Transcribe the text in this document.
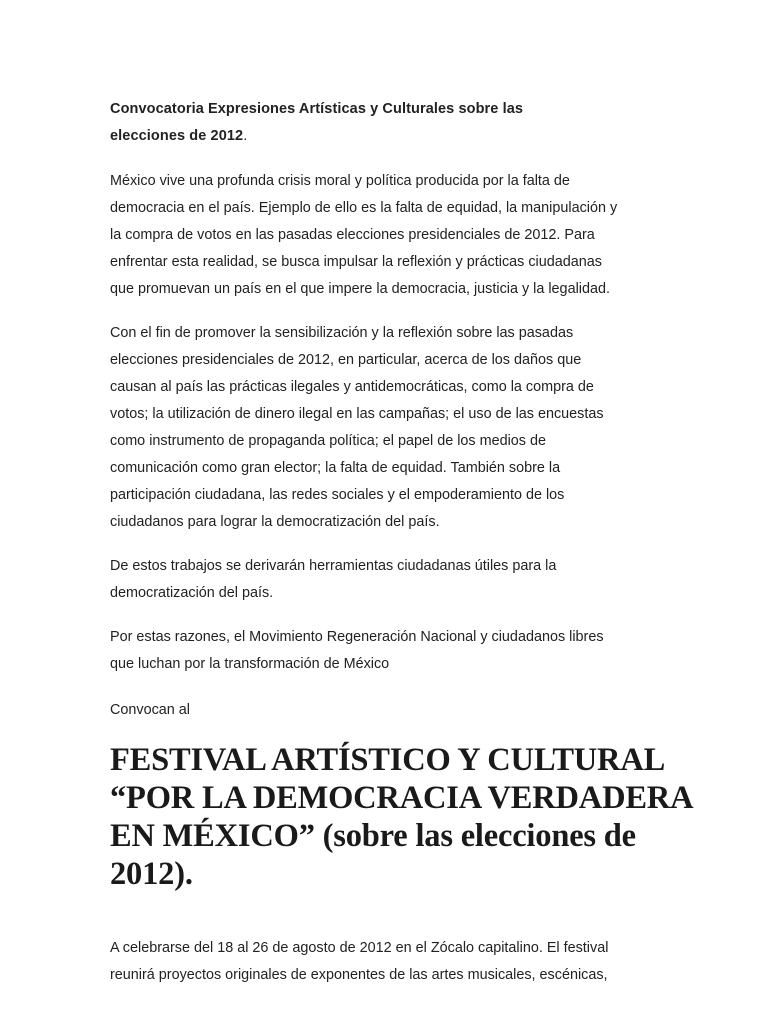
Convocatoria Expresiones Artísticas y Culturales sobre las

elecciones de 2012.

México vive una profunda crisis moral y política producida por la falta de
democracia en el país. Ejemplo de ello es la falta de equidad, la manipulación y
la compra de votos en las pasadas elecciones presidenciales de 2012. Para
enfrentar esta realidad, se busca impulsar la reflexión y prácticas ciudadanas
que promuevan un país en el que impere la democracia, justicia y la legalidad.
Con el fin de promover la sensibilización y la reflexión sobre las pasadas
elecciones presidenciales de 2012, en particular, acerca de los daños que
causan al país las prácticas ilegales y antidemocráticas, como la compra de
votos; la utilización de dinero ilegal en las campañas; el uso de las encuestas
como instrumento de propaganda política; el papel de los medios de
comunicación como gran elector; la falta de equidad. También sobre la
participación ciudadana, las redes sociales y el empoderamiento de los
ciudadanos para lograr la democratización del país.
De estos trabajos se derivarán herramientas ciudadanas útiles para la
democratización del país.
Por estas razones, el Movimiento Regeneración Nacional y ciudadanos libres
que luchan por la transformación de México
Convocan al
FESTIVAL ARTÍSTICO Y CULTURAL
“POR LA DEMOCRACIA VERDADERA
EN MÉXICO” (sobre las elecciones de
2012).
A celebrarse del 18 al 26 de agosto de 2012 en el Zócalo capitalino. El festival
reunirá proyectos originales de exponentes de las artes musicales, escénicas,
